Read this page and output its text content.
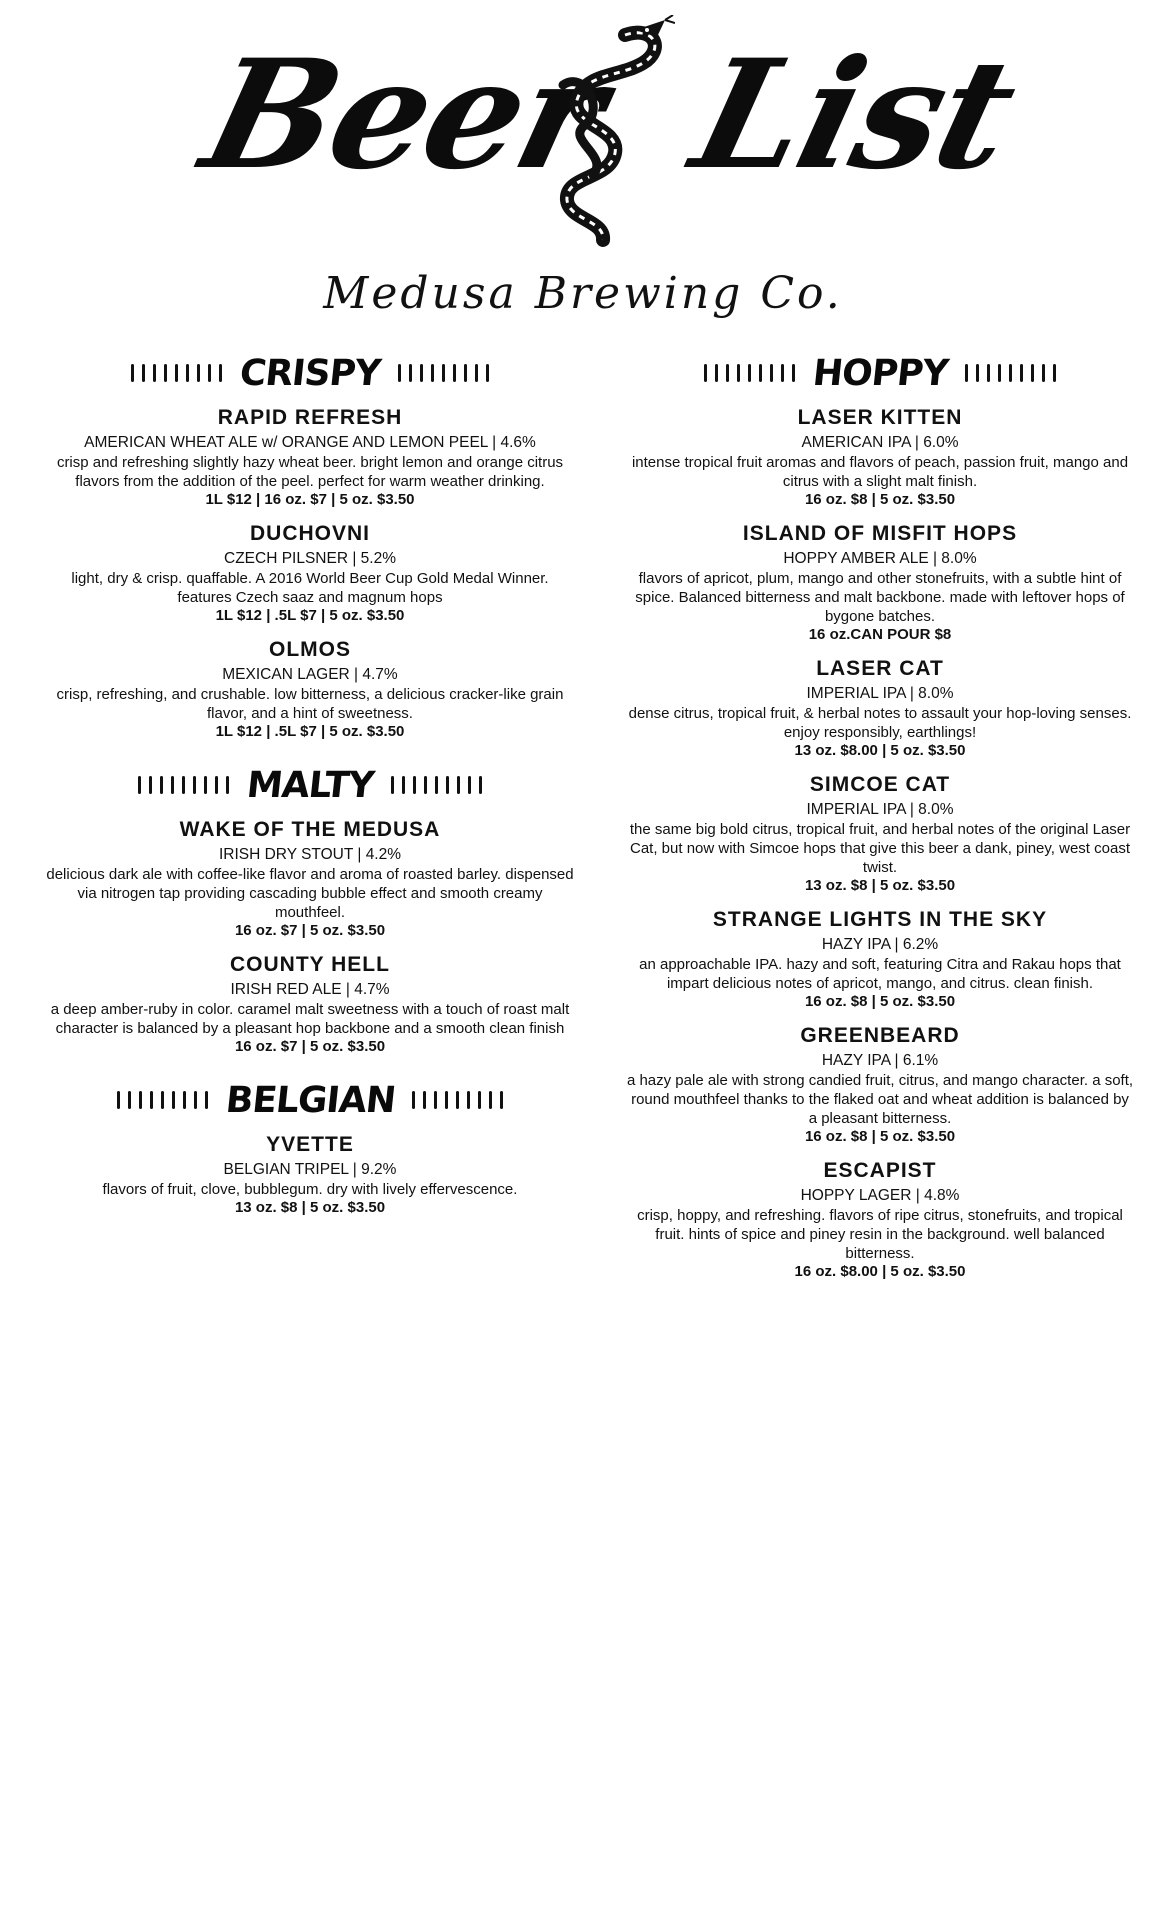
Beer List
Medusa Brewing Co.
CRISPY
RAPID REFRESH
AMERICAN WHEAT ALE w/ ORANGE AND LEMON PEEL | 4.6%
crisp and refreshing slightly hazy wheat beer. bright lemon and orange citrus flavors from the addition of the peel. perfect for warm weather drinking.
1L $12 | 16 oz. $7 | 5 oz. $3.50
DUCHOVNI
CZECH PILSNER | 5.2%
light, dry & crisp. quaffable. A 2016 World Beer Cup Gold Medal Winner. features Czech saaz and magnum hops
1L $12 | .5L $7 | 5 oz. $3.50
OLMOS
MEXICAN LAGER | 4.7%
crisp, refreshing, and crushable. low bitterness, a delicious cracker-like grain flavor, and a hint of sweetness.
1L $12 | .5L $7 | 5 oz. $3.50
MALTY
WAKE OF THE MEDUSA
IRISH DRY STOUT | 4.2%
delicious dark ale with coffee-like flavor and aroma of roasted barley. dispensed via nitrogen tap providing cascading bubble effect and smooth creamy mouthfeel.
16 oz. $7 | 5 oz. $3.50
COUNTY HELL
IRISH RED ALE | 4.7%
a deep amber-ruby in color. caramel malt sweetness with a touch of roast malt character is balanced by a pleasant hop backbone and a smooth clean finish
16 oz. $7 | 5 oz. $3.50
BELGIAN
YVETTE
BELGIAN TRIPEL | 9.2%
flavors of fruit, clove, bubblegum. dry with lively effervescence.
13 oz. $8 | 5 oz. $3.50
HOPPY
LASER KITTEN
AMERICAN IPA | 6.0%
intense tropical fruit aromas and flavors of peach, passion fruit, mango and citrus with a slight malt finish.
16 oz. $8 | 5 oz. $3.50
ISLAND OF MISFIT HOPS
HOPPY AMBER ALE | 8.0%
flavors of apricot, plum, mango and other stonefruits, with a subtle hint of spice. Balanced bitterness and malt backbone. made with leftover hops of bygone batches.
16 oz.CAN POUR $8
LASER CAT
IMPERIAL IPA | 8.0%
dense citrus, tropical fruit, & herbal notes to assault your hop-loving senses. enjoy responsibly, earthlings!
13 oz. $8.00 | 5 oz. $3.50
SIMCOE CAT
IMPERIAL IPA | 8.0%
the same big bold citrus, tropical fruit, and herbal notes of the original Laser Cat, but now with Simcoe hops that give this beer a dank, piney, west coast twist.
13 oz. $8 | 5 oz. $3.50
STRANGE LIGHTS IN THE SKY
HAZY IPA | 6.2%
an approachable IPA. hazy and soft, featuring Citra and Rakau hops that impart delicious notes of apricot, mango, and citrus. clean finish.
16 oz. $8 | 5 oz. $3.50
GREENBEARD
HAZY IPA | 6.1%
a hazy pale ale with strong candied fruit, citrus, and mango character. a soft, round mouthfeel thanks to the flaked oat and wheat addition is balanced by a pleasant bitterness.
16 oz. $8 | 5 oz. $3.50
ESCAPIST
HOPPY LAGER | 4.8%
crisp, hoppy, and refreshing. flavors of ripe citrus, stonefruits, and tropical fruit. hints of spice and piney resin in the background. well balanced bitterness.
16 oz. $8.00 | 5 oz. $3.50
